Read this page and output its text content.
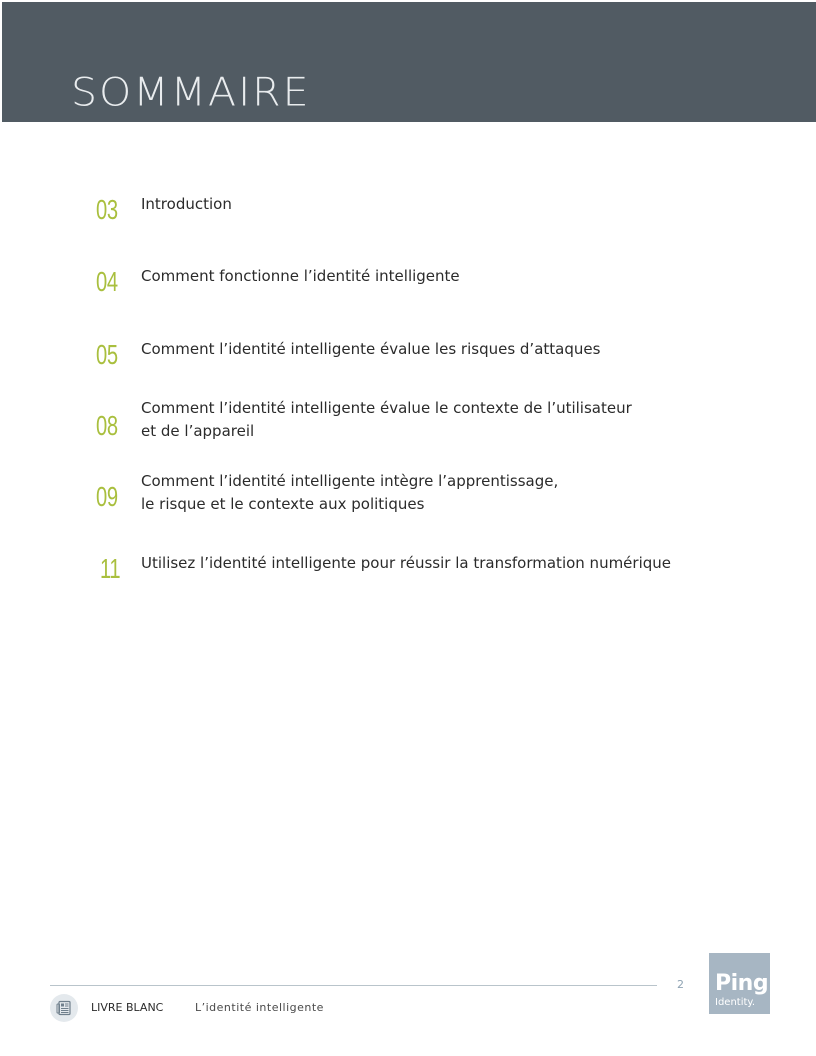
SOMMAIRE
03 Introduction
04 Comment fonctionne l’identité intelligente
05 Comment l’identité intelligente évalue les risques d’attaques
08
Comment l’identité intelligente évalue le contexte de l’utilisateur
et de l’appareil
09 Comment l’identité intelligente intègre l’apprentissage,
le risque et le contexte aux politiques
11 Utilisez l’identité intelligente pour réussir la transformation numérique
2 Ping
Identity.
LIVRE BLANC	L’identité intelligente
